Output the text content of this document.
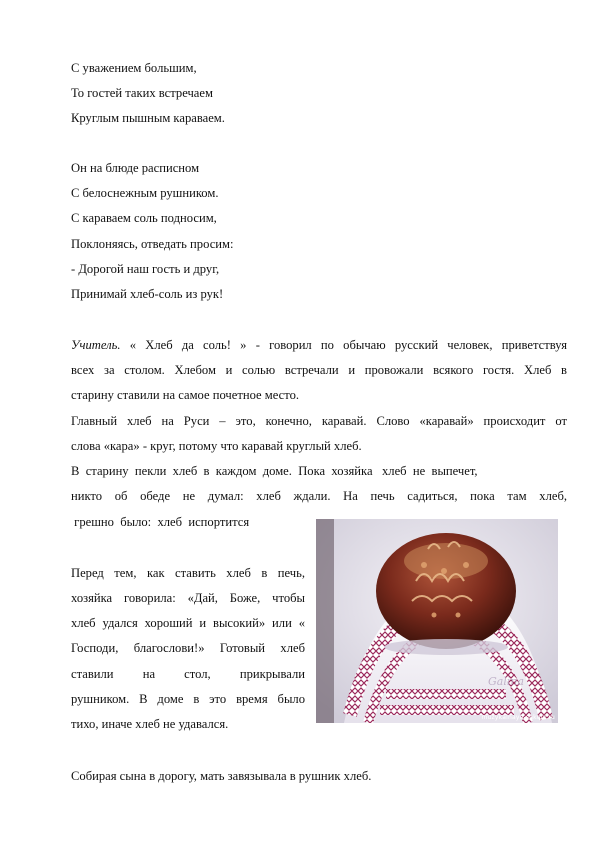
С уважением большим,
То гостей таких встречаем
Круглым пышным караваем.
Он на блюде расписном
С белоснежным рушником.
С караваем соль подносим,
Поклоняясь, отведать просим:
- Дорогой наш гость и друг,
Принимай хлеб-соль из рук!
Учитель. « Хлеб да соль! » - говорил по обычаю русский человек, приветствуя
всех за столом. Хлебом и солью встречали и провожали всякого гостя. Хлеб в
старину ставили на самое почетное место.
Главный хлеб на Руси – это, конечно, каравай. Слово «каравай» происходит от
слова «кара» - круг, потому что каравай круглый хлеб.
В  старину  пекли  хлеб  в  каждом  доме.  Пока  хозяйка   хлеб  не  выпечет,
никто об обеде не думал: хлеб ждали. На печь садиться, пока там хлеб,
грешно  было:  хлеб  испортится
Перед тем, как ставить хлеб в печь,
хозяйка говорила: «Дай, Боже, чтобы
хлеб удался хороший и высокий» или «
Господи, благослови!» Готовый хлеб
ставили на стол, прикрывали
рушником. В доме в это время было
тихо, иначе хлеб не удавался.
Собирая сына в дорогу, мать завязывала в рушник хлеб.
Galina
muzykalnaya-shkola.ru
